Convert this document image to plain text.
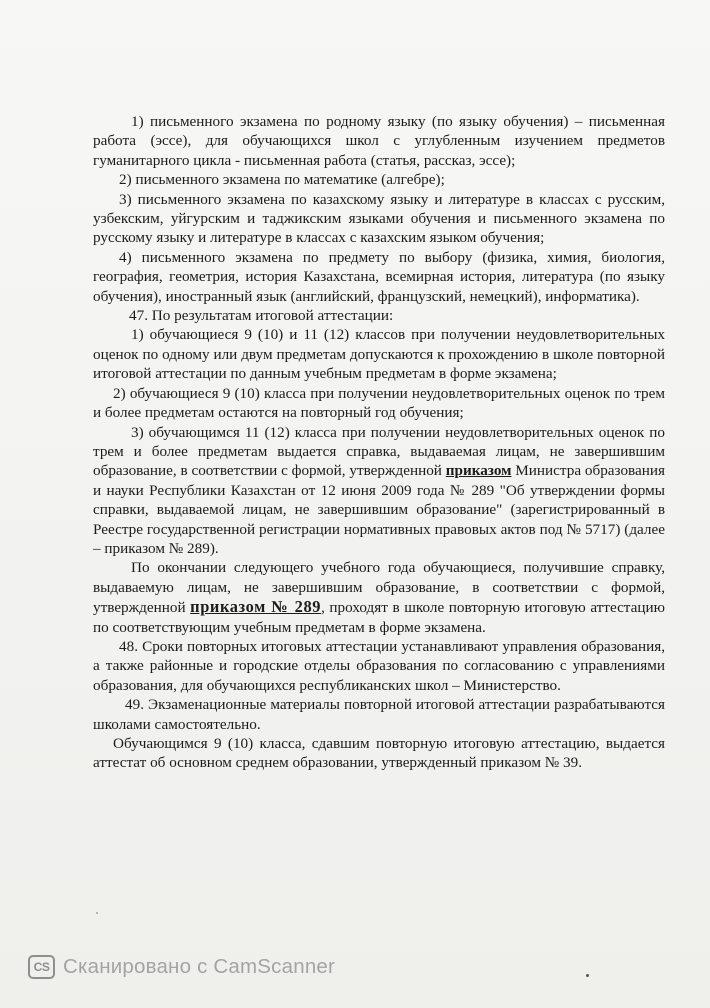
1) письменного экзамена по родному языку (по языку обучения) – письменная работа (эссе), для обучающихся школ с углубленным изучением предметов гуманитарного цикла - письменная работа (статья, рассказ, эссе);

2) письменного экзамена по математике (алгебре);

3) письменного экзамена по казахскому языку и литературе в классах с русским, узбекским, уйгурским и таджикским языками обучения и письменного экзамена по русскому языку и литературе в классах с казахским языком обучения;

4) письменного экзамена по предмету по выбору (физика, химия, биология, география, геометрия, история Казахстана, всемирная история, литература (по языку обучения), иностранный язык (английский, французский, немецкий), информатика).

47. По результатам итоговой аттестации:

1) обучающиеся 9 (10) и 11 (12) классов при получении неудовлетворительных оценок по одному или двум предметам допускаются к прохождению в школе повторной итоговой аттестации по данным учебным предметам в форме экзамена;

2) обучающиеся 9 (10) класса при получении неудовлетворительных оценок по трем и более предметам остаются на повторный год обучения;

3) обучающимся 11 (12) класса при получении неудовлетворительных оценок по трем и более предметам выдается справка, выдаваемая лицам, не завершившим образование, в соответствии с формой, утвержденной приказом Министра образования и науки Республики Казахстан от 12 июня 2009 года № 289 "Об утверждении формы справки, выдаваемой лицам, не завершившим образование" (зарегистрированный в Реестре государственной регистрации нормативных правовых актов под № 5717) (далее – приказом № 289).

По окончании следующего учебного года обучающиеся, получившие справку, выдаваемую лицам, не завершившим образование, в соответствии с формой, утвержденной приказом № 289, проходят в школе повторную итоговую аттестацию по соответствующим учебным предметам в форме экзамена.

48. Сроки повторных итоговых аттестации устанавливают управления образования, а также районные и городские отделы образования по согласованию с управлениями образования, для обучающихся республиканских школ – Министерство.

49. Экзаменационные материалы повторной итоговой аттестации разрабатываются школами самостоятельно.

Обучающимся 9 (10) класса, сдавшим повторную итоговую аттестацию, выдается аттестат об основном среднем образовании, утвержденный приказом № 39.

CS Сканировано с CamScanner
